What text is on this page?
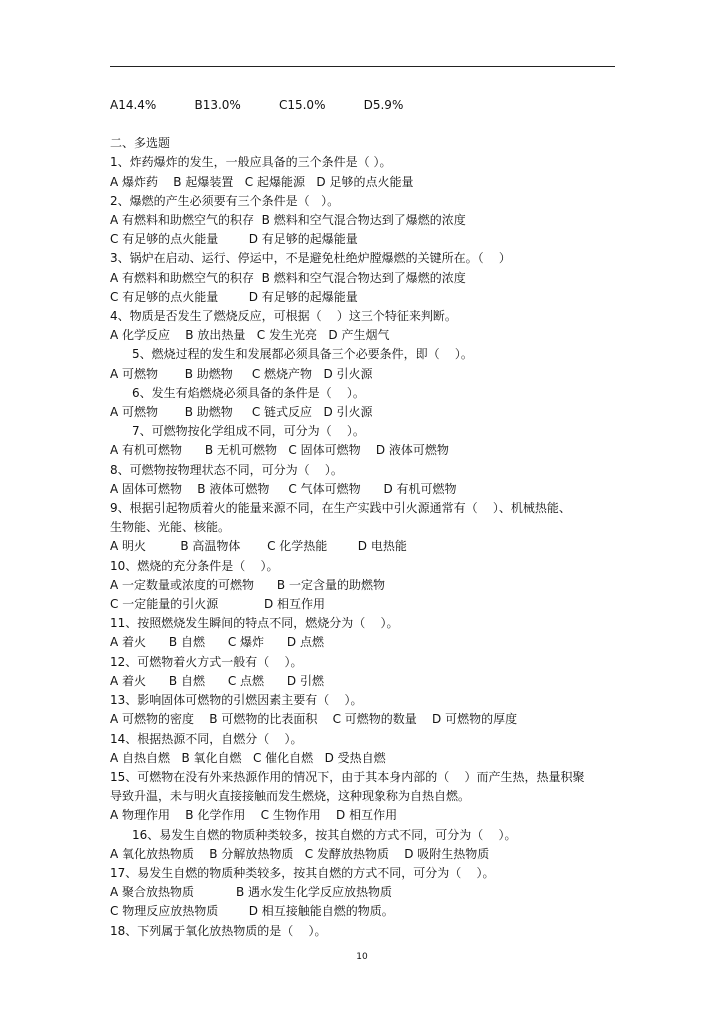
A14.4%          B13.0%          C15.0%          D5.9%

二、多选题

1、炸药爆炸的发生，一般应具备的三个条件是（ ）。

A 爆炸药    B 起爆装置   C 起爆能源   D 足够的点火能量

2、爆燃的产生必须要有三个条件是（   ）。

A 有燃料和助燃空气的积存  B 燃料和空气混合物达到了爆燃的浓度

C 有足够的点火能量        D 有足够的起爆能量

3、锅炉在启动、运行、停运中，不是避免杜绝炉膛爆燃的关键所在。（    ）

A 有燃料和助燃空气的积存  B 燃料和空气混合物达到了爆燃的浓度

C 有足够的点火能量        D 有足够的起爆能量

4、物质是否发生了燃烧反应，可根据（    ）这三个特征来判断。

A 化学反应    B 放出热量   C 发生光亮   D 产生烟气

5、燃烧过程的发生和发展都必须具备三个必要条件，即（    ）。

A 可燃物       B 助燃物     C 燃烧产物   D 引火源

6、发生有焰燃烧必须具备的条件是（    ）。

A 可燃物       B 助燃物     C 链式反应   D 引火源

7、可燃物按化学组成不同，可分为（    ）。

A 有机可燃物      B 无机可燃物   C 固体可燃物    D 液体可燃物

8、可燃物按物理状态不同，可分为（    ）。

A 固体可燃物    B 液体可燃物     C 气体可燃物      D 有机可燃物

9、根据引起物质着火的能量来源不同，在生产实践中引火源通常有（    ）、机械热能、

生物能、光能、核能。

A 明火         B 高温物体       C 化学热能        D 电热能

10、燃烧的充分条件是（    ）。

A 一定数量或浓度的可燃物      B 一定含量的助燃物

C 一定能量的引火源            D 相互作用

11、按照燃烧发生瞬间的特点不同，燃烧分为（    ）。

A 着火      B 自燃      C 爆炸      D 点燃

12、可燃物着火方式一般有（    ）。

A 着火      B 自燃      C 点燃      D 引燃

13、影响固体可燃物的引燃因素主要有（    ）。

A 可燃物的密度    B 可燃物的比表面积    C 可燃物的数量    D 可燃物的厚度

14、根据热源不同，自燃分（    ）。

A 自热自燃   B 氧化自燃   C 催化自燃   D 受热自燃

15、可燃物在没有外来热源作用的情况下，由于其本身内部的（    ）而产生热，热量积聚

导致升温，未与明火直接接触而发生燃烧，这种现象称为自热自燃。

A 物理作用    B 化学作用    C 生物作用    D 相互作用

16、易发生自燃的物质种类较多，按其自燃的方式不同，可分为（    ）。

A 氧化放热物质    B 分解放热物质   C 发酵放热物质    D 吸附生热物质

17、易发生自燃的物质种类较多，按其自燃的方式不同，可分为（    ）。

A 聚合放热物质           B 遇水发生化学反应放热物质

C 物理反应放热物质        D 相互接触能自燃的物质。

18、下列属于氧化放热物质的是（    ）。

10
